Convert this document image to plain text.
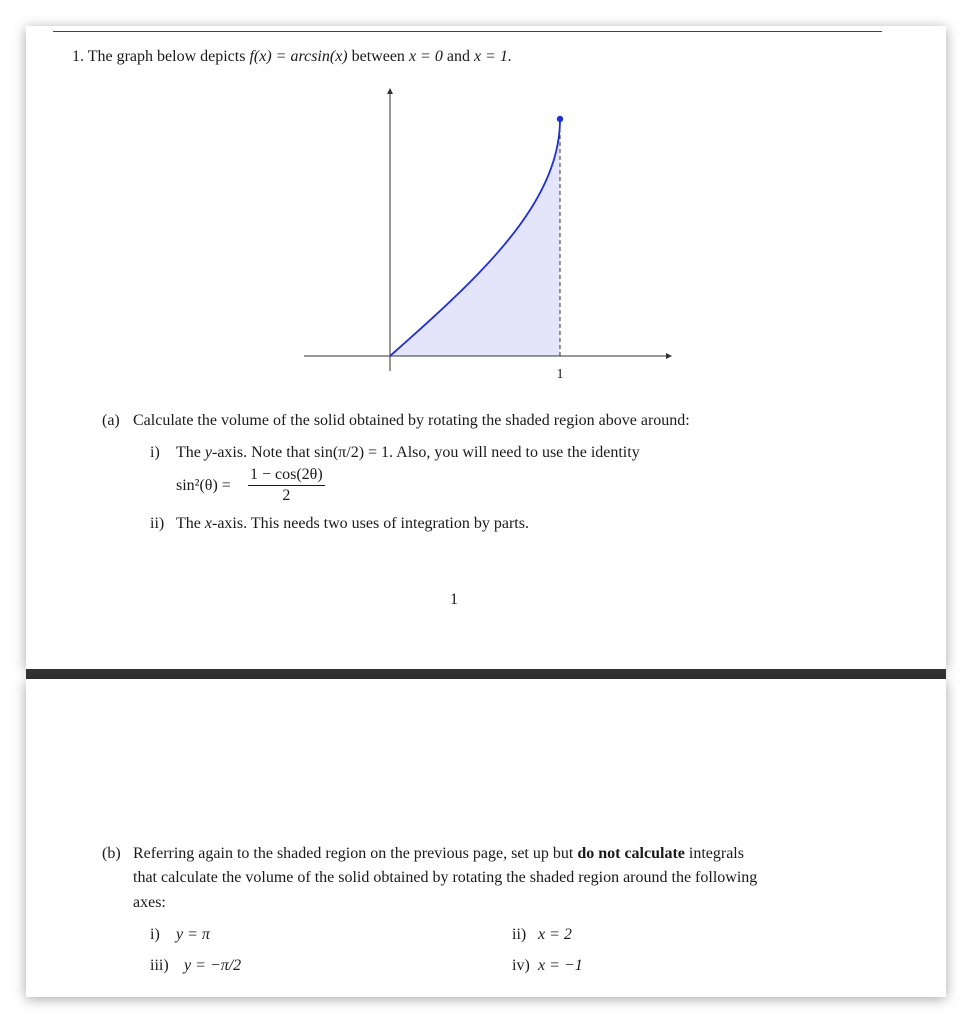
1. The graph below depicts f(x) = arcsin(x) between x = 0 and x = 1.
1
(a) Calculate the volume of the solid obtained by rotating the shaded region above around:
i) The y-axis. Note that sin(π/2) = 1. Also, you will need to use the identity
sin²(θ) =
1 − cos(2θ)
2
ii) The x-axis. This needs two uses of integration by parts.
1
(b) Referring again to the shaded region on the previous page, set up but do not calculate integrals
that calculate the volume of the solid obtained by rotating the shaded region around the following
axes:
i) y = π	ii) x = 2
iii) y = −π/2	iv) x = −1
